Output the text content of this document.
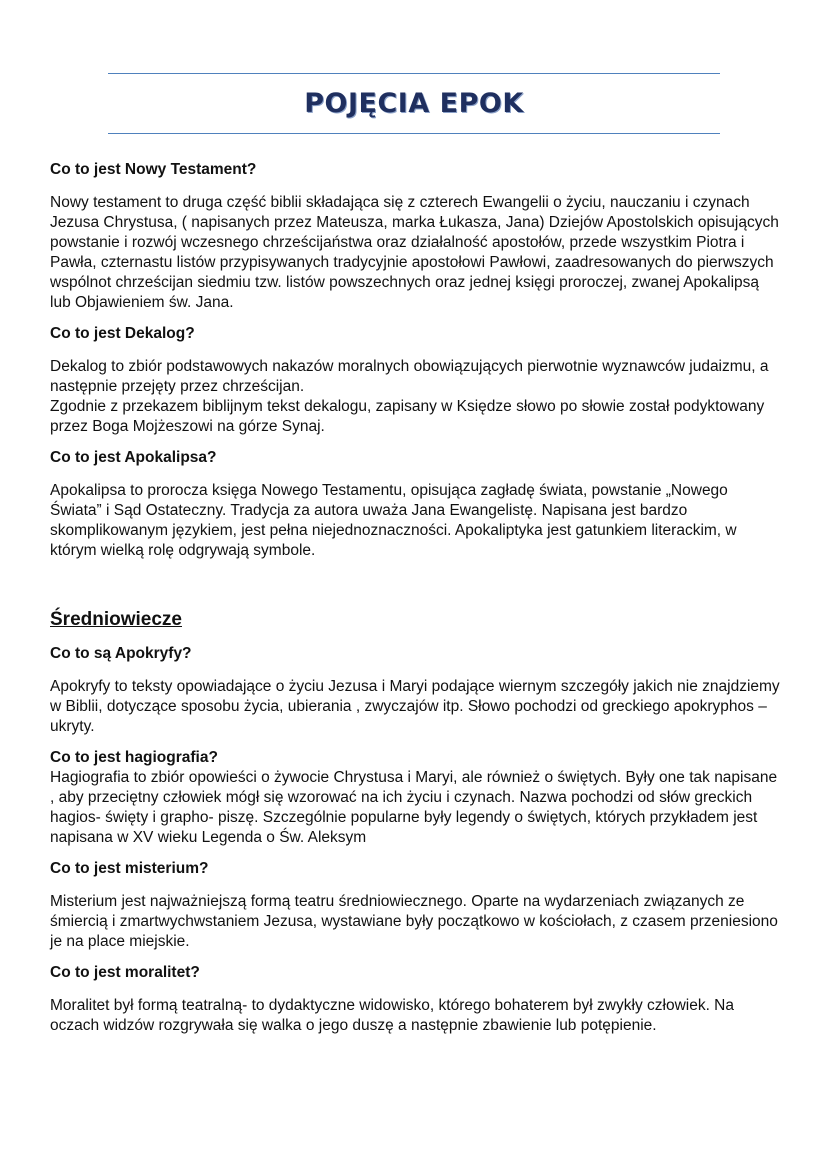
POJĘCIA EPOK
Co to jest Nowy Testament?
Nowy testament to druga część biblii składająca się z czterech Ewangelii o życiu, nauczaniu i czynach Jezusa Chrystusa, ( napisanych przez Mateusza, marka Łukasza, Jana) Dziejów Apostolskich opisujących powstanie i rozwój wczesnego chrześcijaństwa oraz działalność apostołów, przede wszystkim Piotra i Pawła, czternastu listów przypisywanych tradycyjnie apostołowi Pawłowi, zaadresowanych do pierwszych wspólnot chrześcijan siedmiu tzw. listów powszechnych oraz jednej księgi proroczej, zwanej Apokalipsą lub Objawieniem św. Jana.
Co to jest Dekalog?
Dekalog to zbiór podstawowych nakazów moralnych obowiązujących pierwotnie wyznawców judaizmu, a następnie przejęty przez chrześcijan.
Zgodnie z przekazem biblijnym tekst dekalogu, zapisany w Księdze słowo po słowie został podyktowany przez Boga Mojżeszowi na górze Synaj.
Co to jest Apokalipsa?
Apokalipsa to prorocza księga Nowego Testamentu, opisująca zagładę świata, powstanie „Nowego Świata” i Sąd Ostateczny. Tradycja za autora uważa Jana Ewangelistę. Napisana jest bardzo skomplikowanym językiem, jest pełna niejednoznaczności. Apokaliptyka jest gatunkiem literackim, w którym wielką rolę odgrywają symbole.
Średniowiecze
Co to są Apokryfy?
Apokryfy to teksty opowiadające o życiu Jezusa i Maryi podające wiernym szczegóły jakich nie znajdziemy w Biblii, dotyczące sposobu życia, ubierania , zwyczajów itp. Słowo pochodzi od greckiego apokryphos – ukryty.
Co to jest hagiografia?
Hagiografia to zbiór opowieści o żywocie Chrystusa i Maryi, ale również o świętych. Były one tak napisane , aby przeciętny człowiek mógł się wzorować na ich życiu i czynach. Nazwa pochodzi od słów greckich hagios- święty i grapho- piszę. Szczególnie popularne były legendy o świętych, których przykładem jest napisana w XV wieku Legenda o Św. Aleksym
Co to jest misterium?
Misterium jest najważniejszą formą teatru średniowiecznego. Oparte na wydarzeniach związanych ze śmiercią i zmartwychwstaniem Jezusa, wystawiane były początkowo w kościołach, z czasem przeniesiono je na place miejskie.
Co to jest moralitet?
Moralitet był formą teatralną- to dydaktyczne widowisko, którego bohaterem był zwykły człowiek. Na oczach widzów rozgrywała się walka o jego duszę a następnie zbawienie lub potępienie.
